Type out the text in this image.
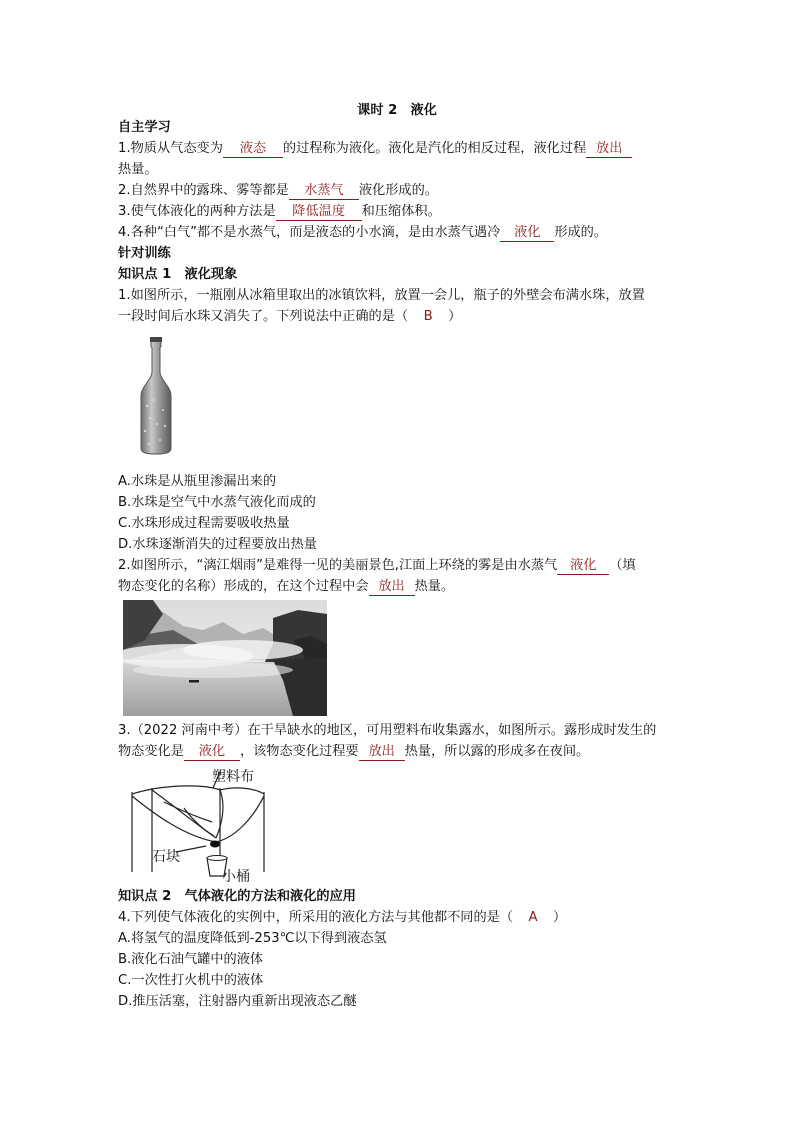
课时 2　液化
自主学习
1.物质从气态变为 液态 的过程称为液化。液化是汽化的相反过程，液化过程 放出
热量。
2.自然界中的露珠、雾等都是 水蒸气 液化形成的。
3.使气体液化的两种方法是 降低温度 和压缩体积。
4.各种“白气”都不是水蒸气，而是液态的小水滴，是由水蒸气遇冷 液化 形成的。
针对训练
知识点 1　液化现象
1.如图所示，一瓶刚从冰箱里取出的冰镇饮料，放置一会儿，瓶子的外壁会布满水珠，放置
一段时间后水珠又消失了。下列说法中正确的是（ B ）
A.水珠是从瓶里渗漏出来的
B.水珠是空气中水蒸气液化而成的
C.水珠形成过程需要吸收热量
D.水珠逐渐消失的过程要放出热量
2.如图所示，“漓江烟雨”是难得一见的美丽景色,江面上环绕的雾是由水蒸气 液化 （填
物态变化的名称）形成的，在这个过程中会 放出 热量。
3.（2022 河南中考）在干旱缺水的地区，可用塑料布收集露水，如图所示。露形成时发生的
物态变化是 液化 ，该物态变化过程要 放出 热量，所以露的形成多在夜间。
塑料布
石块
小桶
知识点 2　气体液化的方法和液化的应用
4.下列使气体液化的实例中，所采用的液化方法与其他都不同的是（ A ）
A.将氢气的温度降低到-253℃以下得到液态氢
B.液化石油气罐中的液体
C.一次性打火机中的液体
D.推压活塞，注射器内重新出现液态乙醚
